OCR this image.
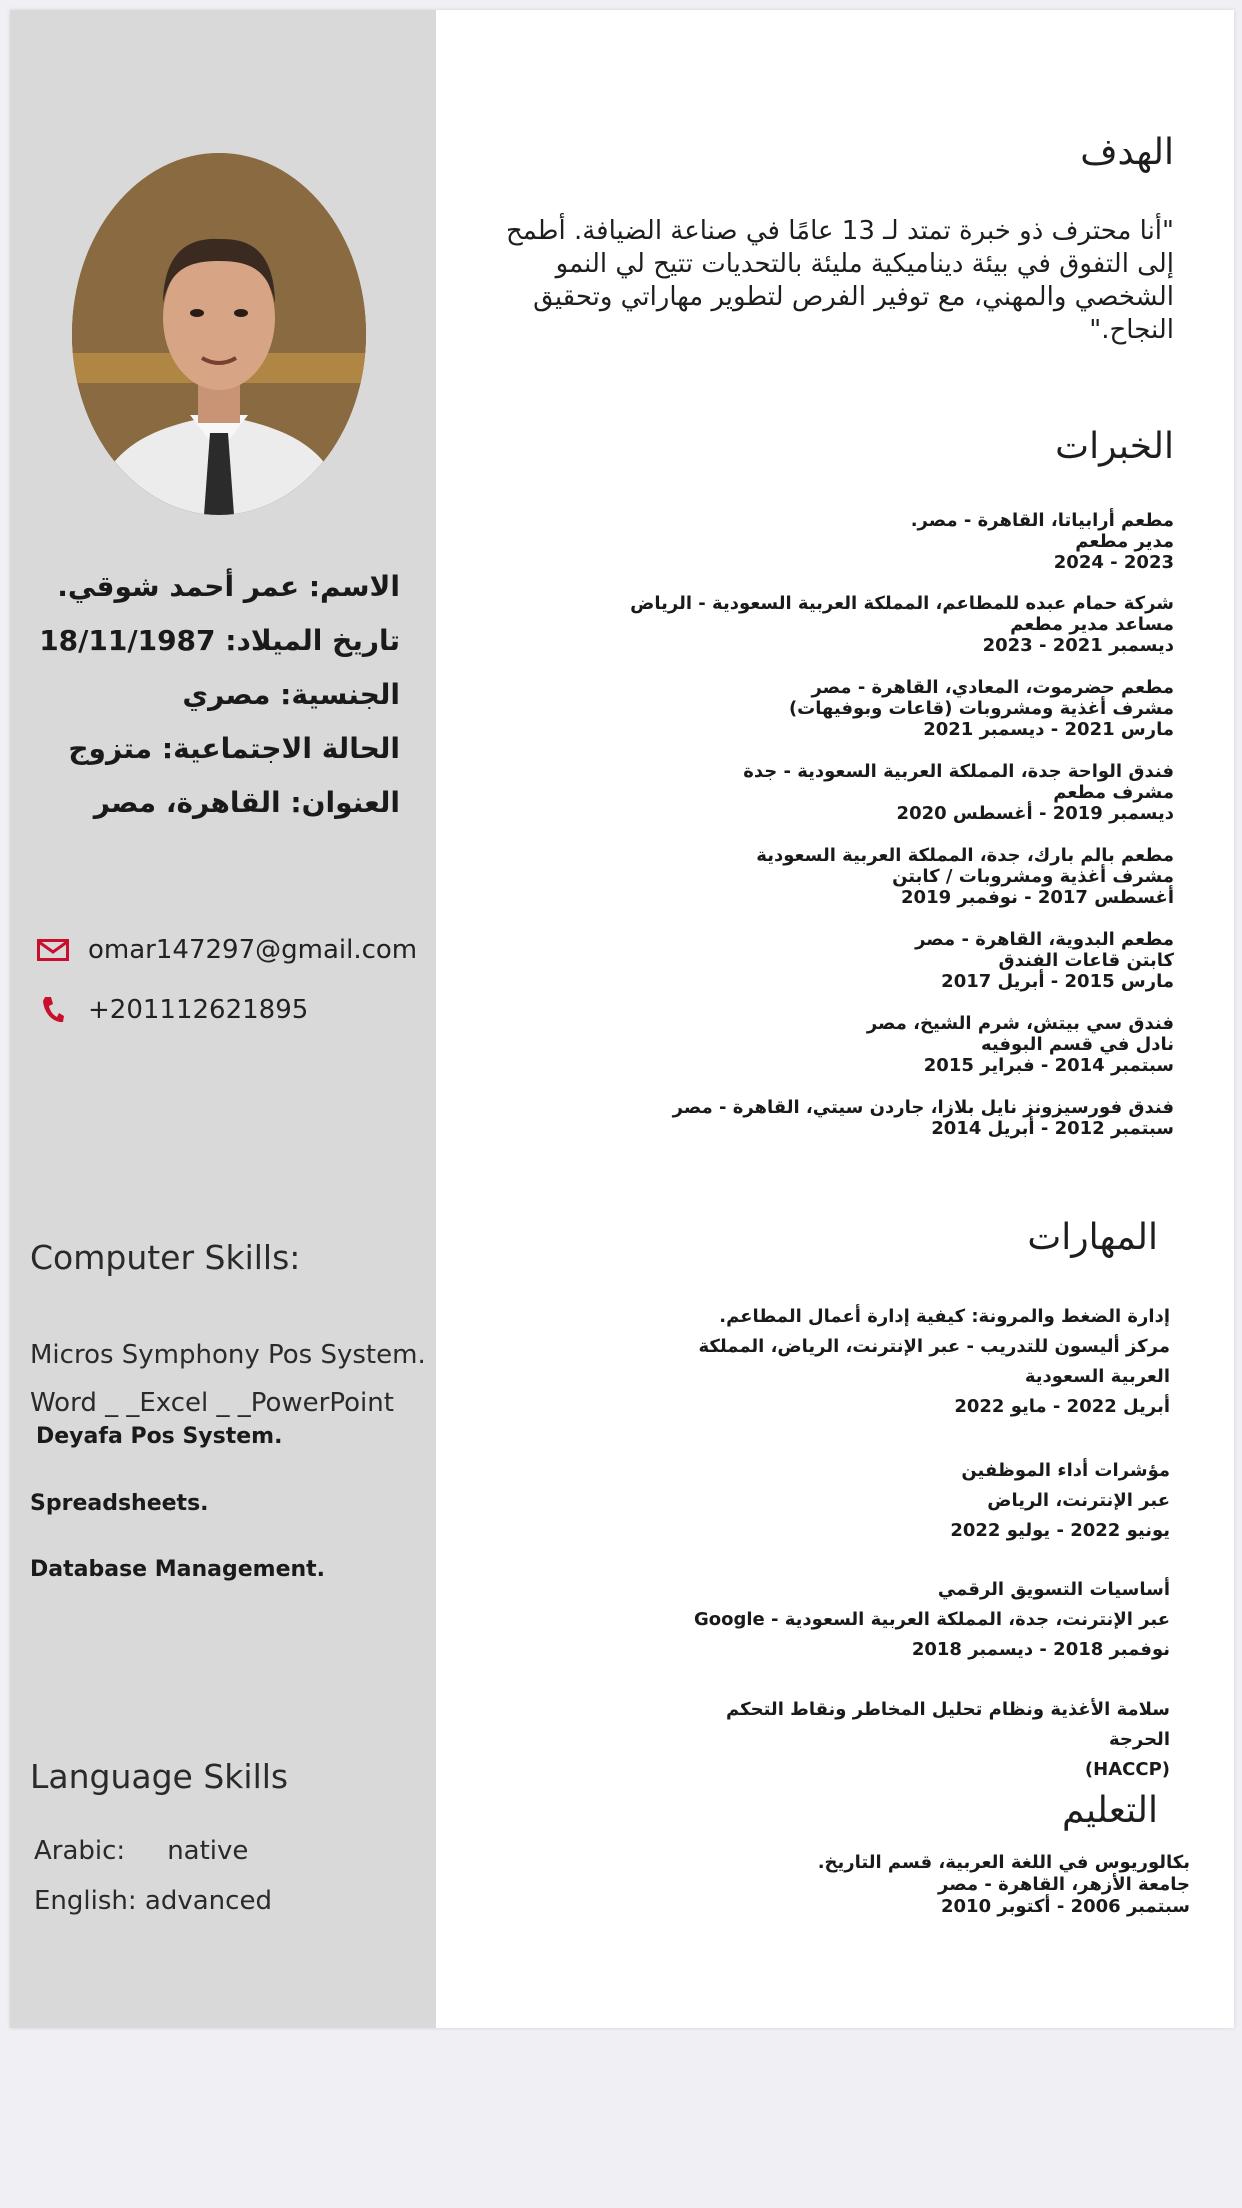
الاسم: عمر أحمد شوقي.
تاريخ الميلاد: 18/11/1987
الجنسية: مصري
الحالة الاجتماعية: متزوج
العنوان: القاهرة، مصر
omar147297@gmail.com
+201112621895
Computer Skills:
Micros Symphony Pos System.
Word _ _Excel _ _PowerPoint
Deyafa Pos System.
Spreadsheets.
Database Management.
Language Skills
Arabic: native
English: advanced
الهدف
"أنا محترف ذو خبرة تمتد لـ 13 عامًا في صناعة الضيافة. أطمح إلى التفوق في بيئة ديناميكية مليئة بالتحديات تتيح لي النمو الشخصي والمهني، مع توفير الفرص لتطوير مهاراتي وتحقيق النجاح."
الخبرات
مطعم أرابياتا، القاهرة - مصر.
مدير مطعم
2023 - 2024
شركة حمام عبده للمطاعم، المملكة العربية السعودية - الرياض
مساعد مدير مطعم
ديسمبر 2021 - 2023
مطعم حضرموت، المعادي، القاهرة - مصر
مشرف أغذية ومشروبات (قاعات وبوفيهات)
مارس 2021 - ديسمبر 2021
فندق الواحة جدة، المملكة العربية السعودية - جدة
مشرف مطعم
ديسمبر 2019 - أغسطس 2020
مطعم بالم بارك، جدة، المملكة العربية السعودية
مشرف أغذية ومشروبات / كابتن
أغسطس 2017 - نوفمبر 2019
مطعم البدوية، القاهرة - مصر
كابتن قاعات الفندق
مارس 2015 - أبريل 2017
فندق سي بيتش، شرم الشيخ، مصر
نادل في قسم البوفيه
سبتمبر 2014 - فبراير 2015
فندق فورسيزونز نايل بلازا، جاردن سيتي، القاهرة - مصر
سبتمبر 2012 - أبريل 2014
المهارات
إدارة الضغط والمرونة: كيفية إدارة أعمال المطاعم.
مركز أليسون للتدريب - عبر الإنترنت، الرياض، المملكة العربية السعودية
أبريل 2022 - مايو 2022
مؤشرات أداء الموظفين
عبر الإنترنت، الرياض
يونيو 2022 - يوليو 2022
أساسيات التسويق الرقمي
عبر الإنترنت، جدة، المملكة العربية السعودية - Google
نوفمبر 2018 - ديسمبر 2018
سلامة الأغذية ونظام تحليل المخاطر ونقاط التحكم الحرجة
(HACCP)
التعليم
بكالوريوس في اللغة العربية، قسم التاريخ.
جامعة الأزهر، القاهرة - مصر
سبتمبر 2006 - أكتوبر 2010
